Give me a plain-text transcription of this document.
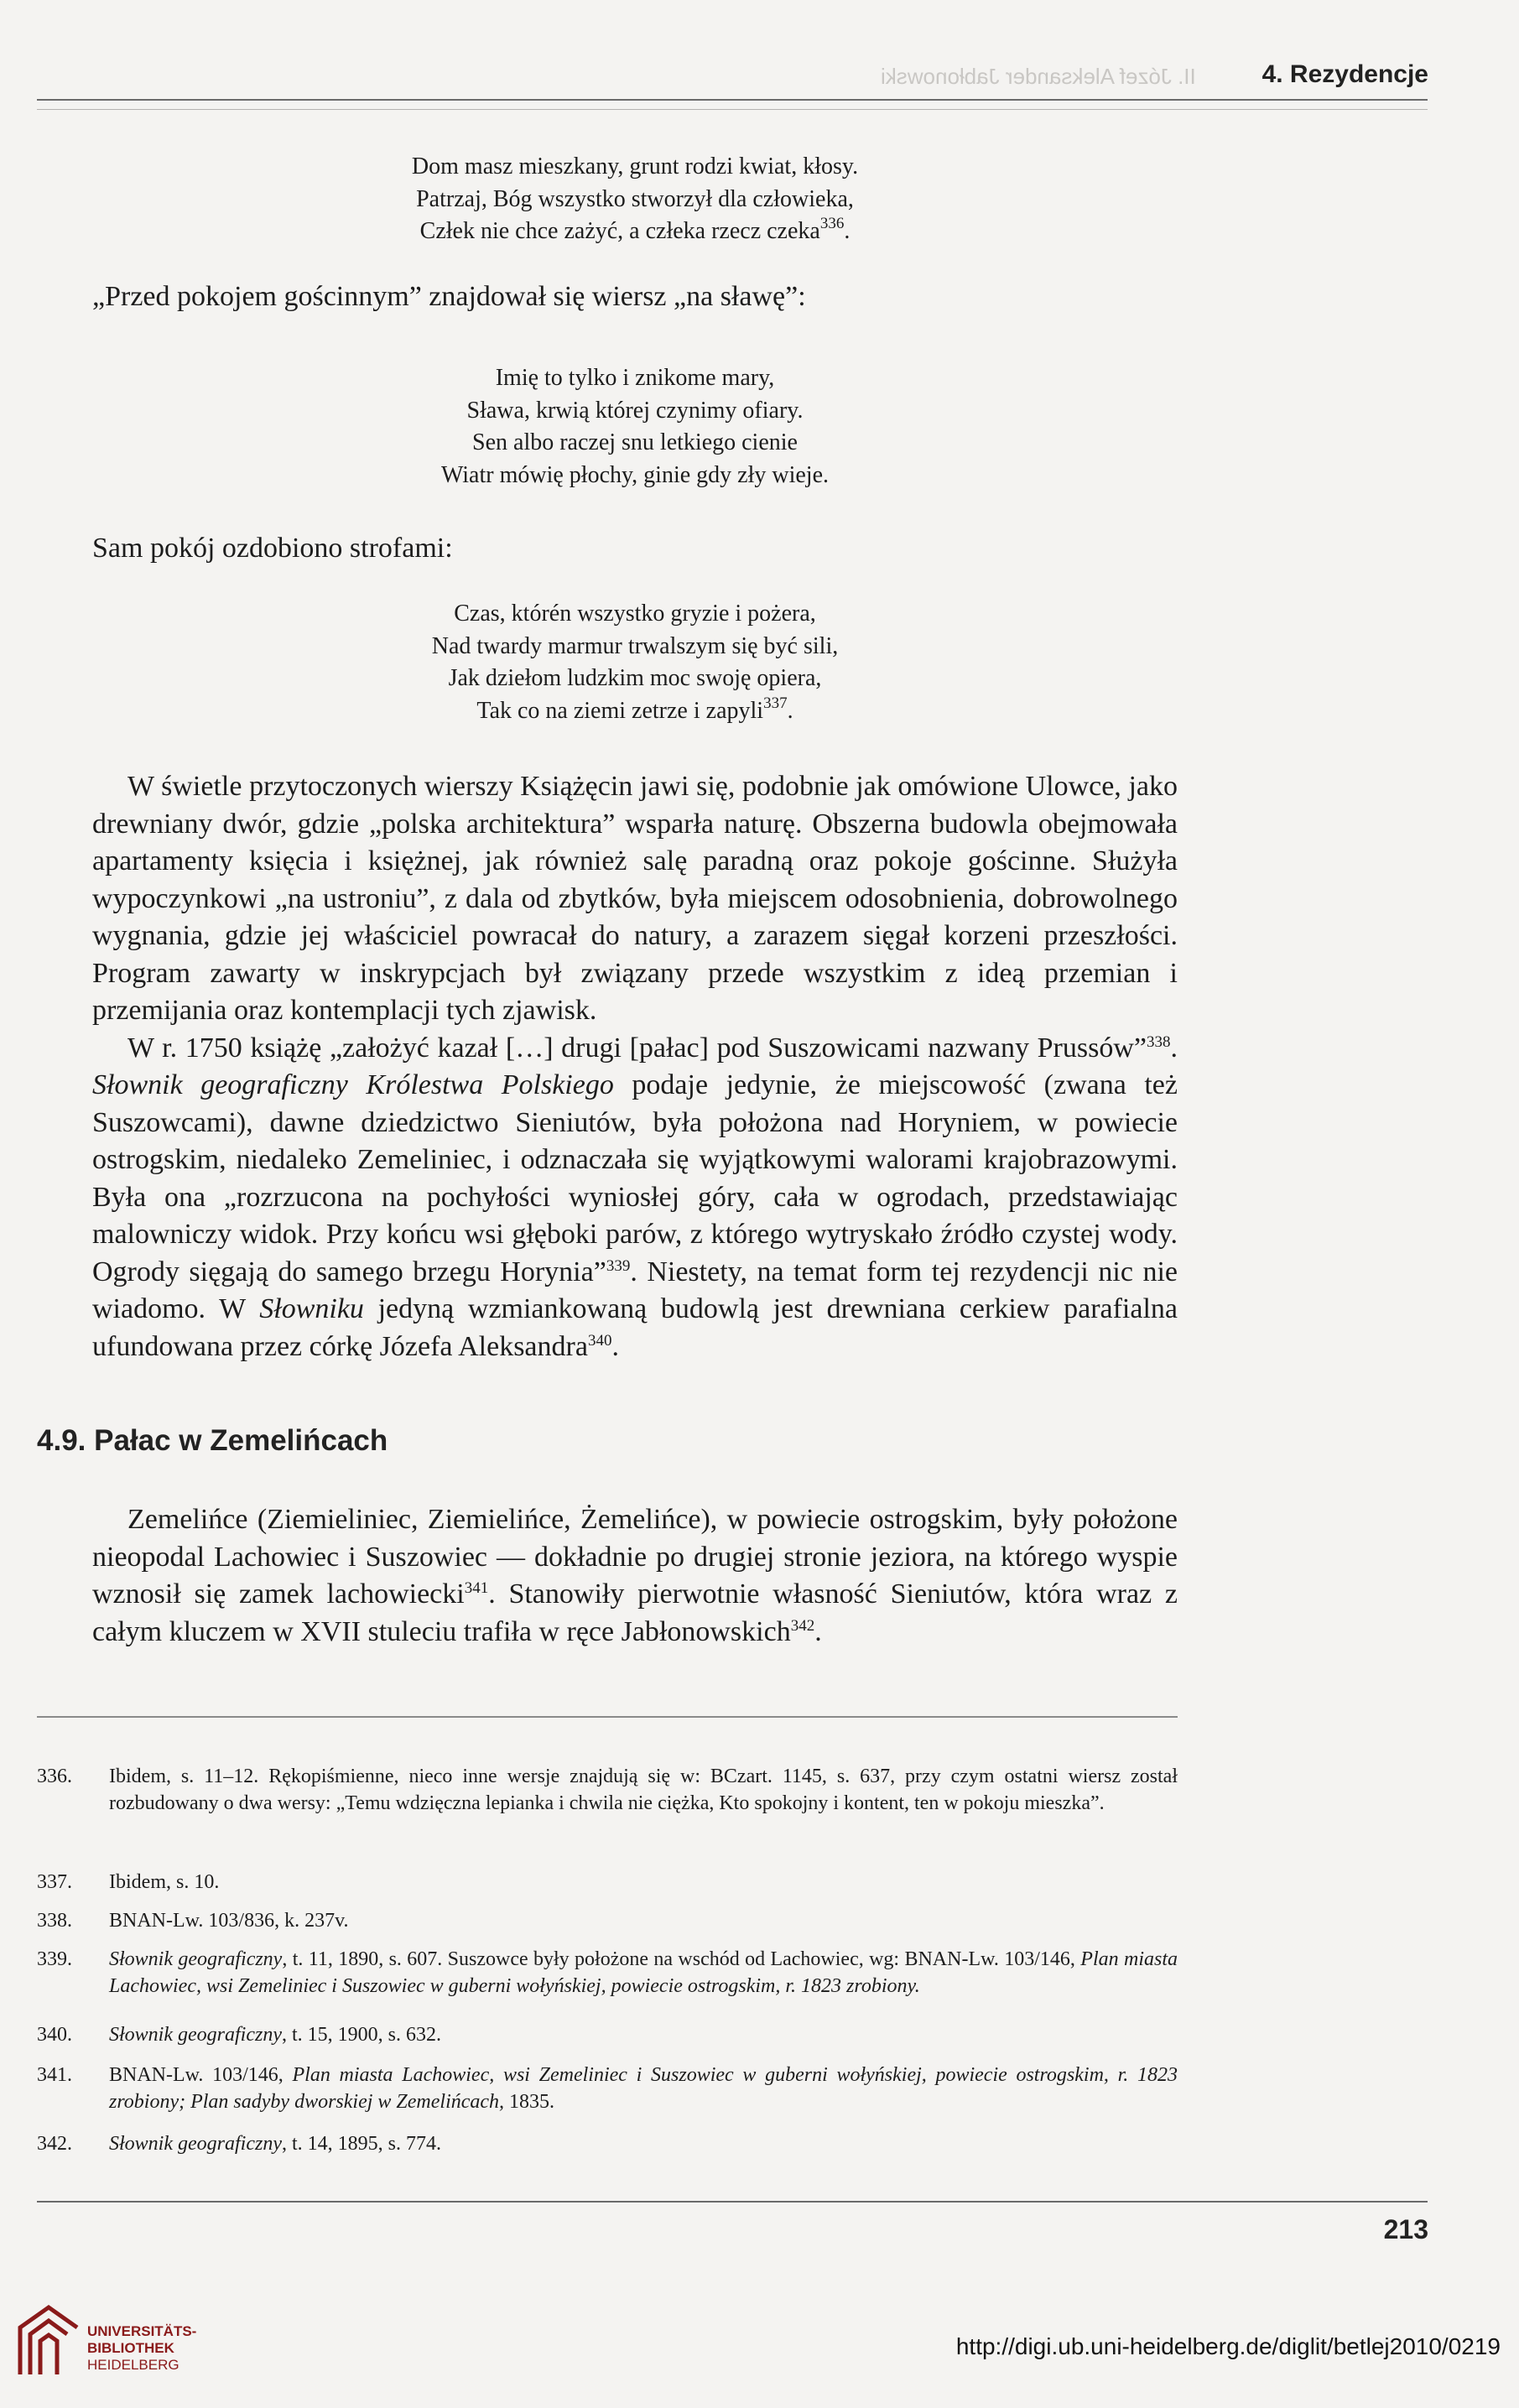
II. Józef Aleksander Jabłonowski	4. Rezydencje

Dom masz mieszkany, grunt rodzi kwiat, kłosy.

Patrzaj, Bóg wszystko stworzył dla człowieka,

Człek nie chce zażyć, a człeka rzecz czeka$^{336}$.

„Przed pokojem gościnnym” znajdował się wiersz „na sławę”:

Imię to tylko i znikome mary,

Sława, krwią której czynimy ofiary.

Sen albo raczej snu letkiego cienie

Wiatr mówię płochy, ginie gdy zły wieje.

Sam pokój ozdobiono strofami:

Czas, którén wszystko gryzie i pożera,

Nad twardy marmur trwalszym się być sili,

Jak dziełom ludzkim moc swoję opiera,

Tak co na ziemi zetrze i zapyli$^{337}$.

W świetle przytoczonych wierszy Książęcin jawi się, podobnie jak omówione Ulowce, jako drewniany dwór, gdzie „polska architektura” wsparła naturę. Obszerna budowla obejmowała apartamenty księcia i księżnej, jak również salę paradną oraz pokoje gościnne. Służyła wypoczynkowi „na ustroniu”, z dala od zbytków, była miejscem odosobnienia, dobrowolnego wygnania, gdzie jej właściciel powracał do natury, a zarazem sięgał korzeni przeszłości. Program zawarty w inskrypcjach był związany przede wszystkim z ideą przemian i przemijania oraz kontemplacji tych zjawisk.

W r. 1750 książę „założyć kazał […] drugi [pałac] pod Suszowicami nazwany Prussów”$^{338}$. Słownik geograficzny Królestwa Polskiego podaje jedynie, że miejscowość (zwana też Suszowcami), dawne dziedzictwo Sieniutów, była położona nad Horyniem, w powiecie ostrogskim, niedaleko Zemeliniec, i odznaczała się wyjątkowymi walorami krajobrazowymi. Była ona „rozrzucona na pochyłości wyniosłej góry, cała w ogrodach, przedstawiając malowniczy widok. Przy końcu wsi głęboki parów, z którego wytryskało źródło czystej wody. Ogrody sięgają do samego brzegu Horynia”$^{339}$. Niestety, na temat form tej rezydencji nic nie wiadomo. W Słowniku jedyną wzmiankowaną budowlą jest drewniana cerkiew parafialna ufundowana przez córkę Józefa Aleksandra$^{340}$.

4.9. Pałac w Zemelińcach

Zemelińce (Ziemieliniec, Ziemielińce, Żemelińce), w powiecie ostrogskim, były położone nieopodal Lachowiec i Suszowiec — dokładnie po drugiej stronie jeziora, na którego wyspie wznosił się zamek lachowiecki$^{341}$. Stanowiły pierwotnie własność Sieniutów, która wraz z całym kluczem w XVII stuleciu trafiła w ręce Jabłonowskich$^{342}$.

336. Ibidem, s. 11–12. Rękopiśmienne, nieco inne wersje znajdują się w: BCzart. 1145, s. 637, przy czym ostatni wiersz został rozbudowany o dwa wersy: „Temu wdzięczna lepianka i chwila nie ciężka, Kto spokojny i kontent, ten w pokoju mieszka”.
337. Ibidem, s. 10.
338. BNAN-Lw. 103/836, k. 237v.
339. Słownik geograficzny, t. 11, 1890, s. 607. Suszowce były położone na wschód od Lachowiec, wg: BNAN-Lw. 103/146, Plan miasta Lachowiec, wsi Zemeliniec i Suszowiec w guberni wołyńskiej, powiecie ostrogskim, r. 1823 zrobiony.
340. Słownik geograficzny, t. 15, 1900, s. 632.
341. BNAN-Lw. 103/146, Plan miasta Lachowiec, wsi Zemeliniec i Suszowiec w guberni wołyńskiej, powiecie ostrogskim, r. 1823 zrobiony; Plan sadyby dworskiej w Zemelińcach, 1835.
342. Słownik geograficzny, t. 14, 1895, s. 774.
213
UNIVERSITÄTS-
BIBLIOTHEK
HEIDELBERG
http://digi.ub.uni-heidelberg.de/diglit/betlej2010/0219
